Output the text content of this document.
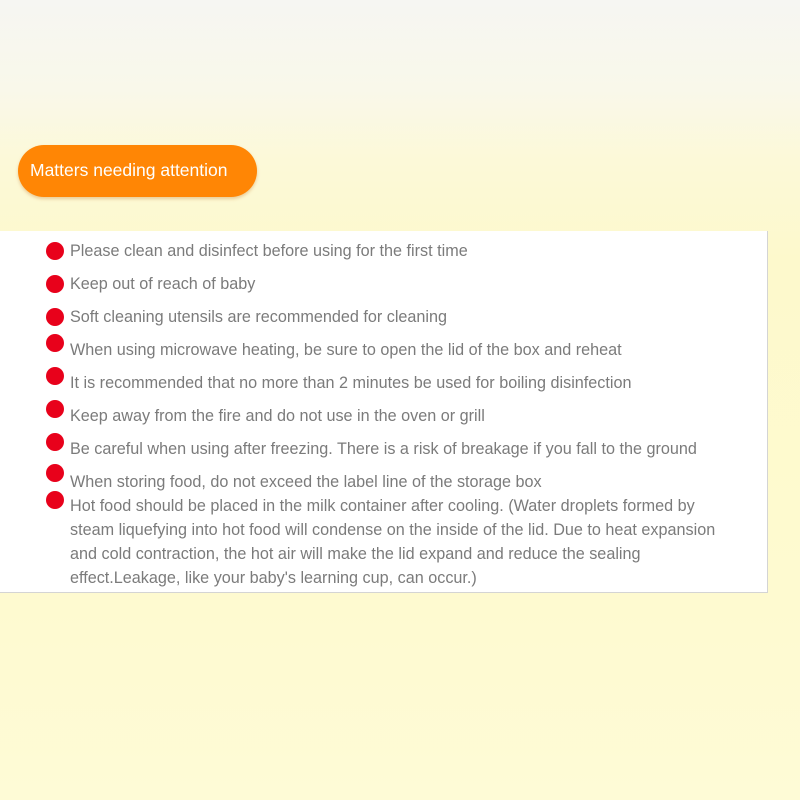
Matters needing attention
Please clean and disinfect before using for the first time
Keep out of reach of baby
Soft cleaning utensils are recommended for cleaning
When using microwave heating, be sure to open the lid of the box and reheat
It is recommended that no more than 2 minutes be used for boiling disinfection
Keep away from the fire and do not use in the oven or grill
Be careful when using after freezing. There is a risk of breakage if you fall to the ground
When storing food, do not exceed the label line of the storage box
Hot food should be placed in the milk container after cooling. (Water droplets formed by steam liquefying into hot food will condense on the inside of the lid. Due to heat expansion and cold contraction, the hot air will make the lid expand and reduce the sealing effect.Leakage, like your baby's learning cup, can occur.)
